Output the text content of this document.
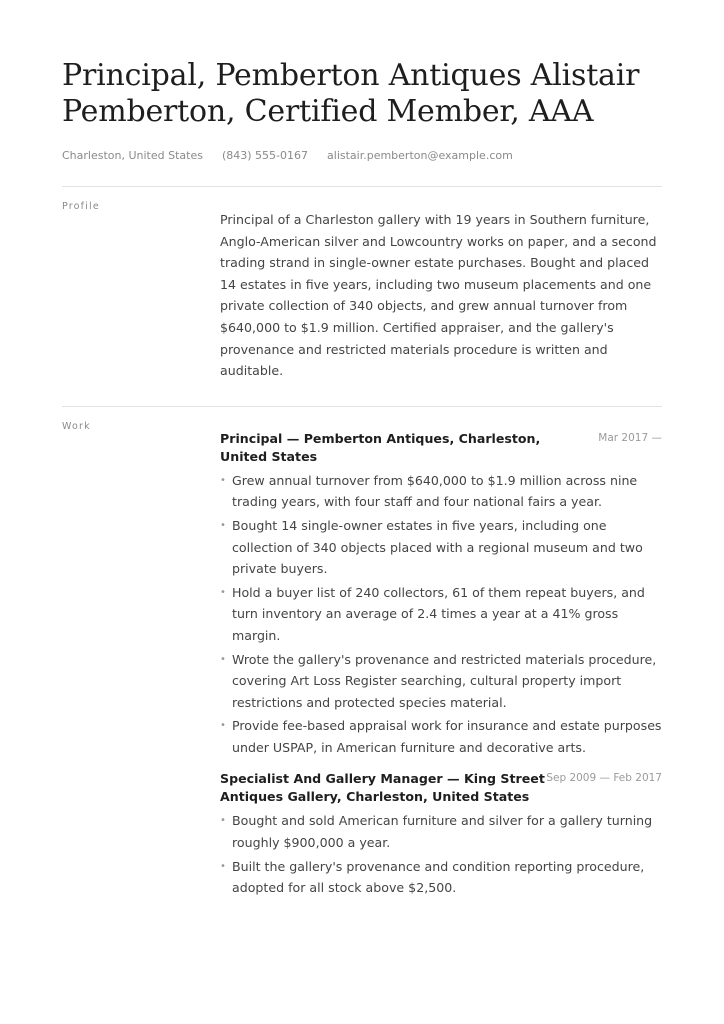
Principal, Pemberton Antiques Alistair Pemberton, Certified Member, AAA
Charleston, United States (843) 555-0167 alistair.pemberton@example.com
Profile

Principal of a Charleston gallery with 19 years in Southern furniture, Anglo-American silver and Lowcountry works on paper, and a second trading strand in single-owner estate purchases. Bought and placed 14 estates in five years, including two museum placements and one private collection of 340 objects, and grew annual turnover from $640,000 to $1.9 million. Certified appraiser, and the gallery's provenance and restricted materials procedure is written and auditable.

Work
Principal — Pemberton Antiques, Charleston, United States
Mar 2017 —
• Grew annual turnover from $640,000 to $1.9 million across nine trading years, with four staff and four national fairs a year.
• Bought 14 single-owner estates in five years, including one collection of 340 objects placed with a regional museum and two private buyers.
• Hold a buyer list of 240 collectors, 61 of them repeat buyers, and turn inventory an average of 2.4 times a year at a 41% gross margin.
• Wrote the gallery's provenance and restricted materials procedure, covering Art Loss Register searching, cultural property import restrictions and protected species material.
• Provide fee-based appraisal work for insurance and estate purposes under USPAP, in American furniture and decorative arts.
Specialist And Gallery Manager — King Street Antiques Gallery, Charleston, United States
Sep 2009 — Feb 2017
• Bought and sold American furniture and silver for a gallery turning roughly $900,000 a year.
• Built the gallery's provenance and condition reporting procedure, adopted for all stock above $2,500.
